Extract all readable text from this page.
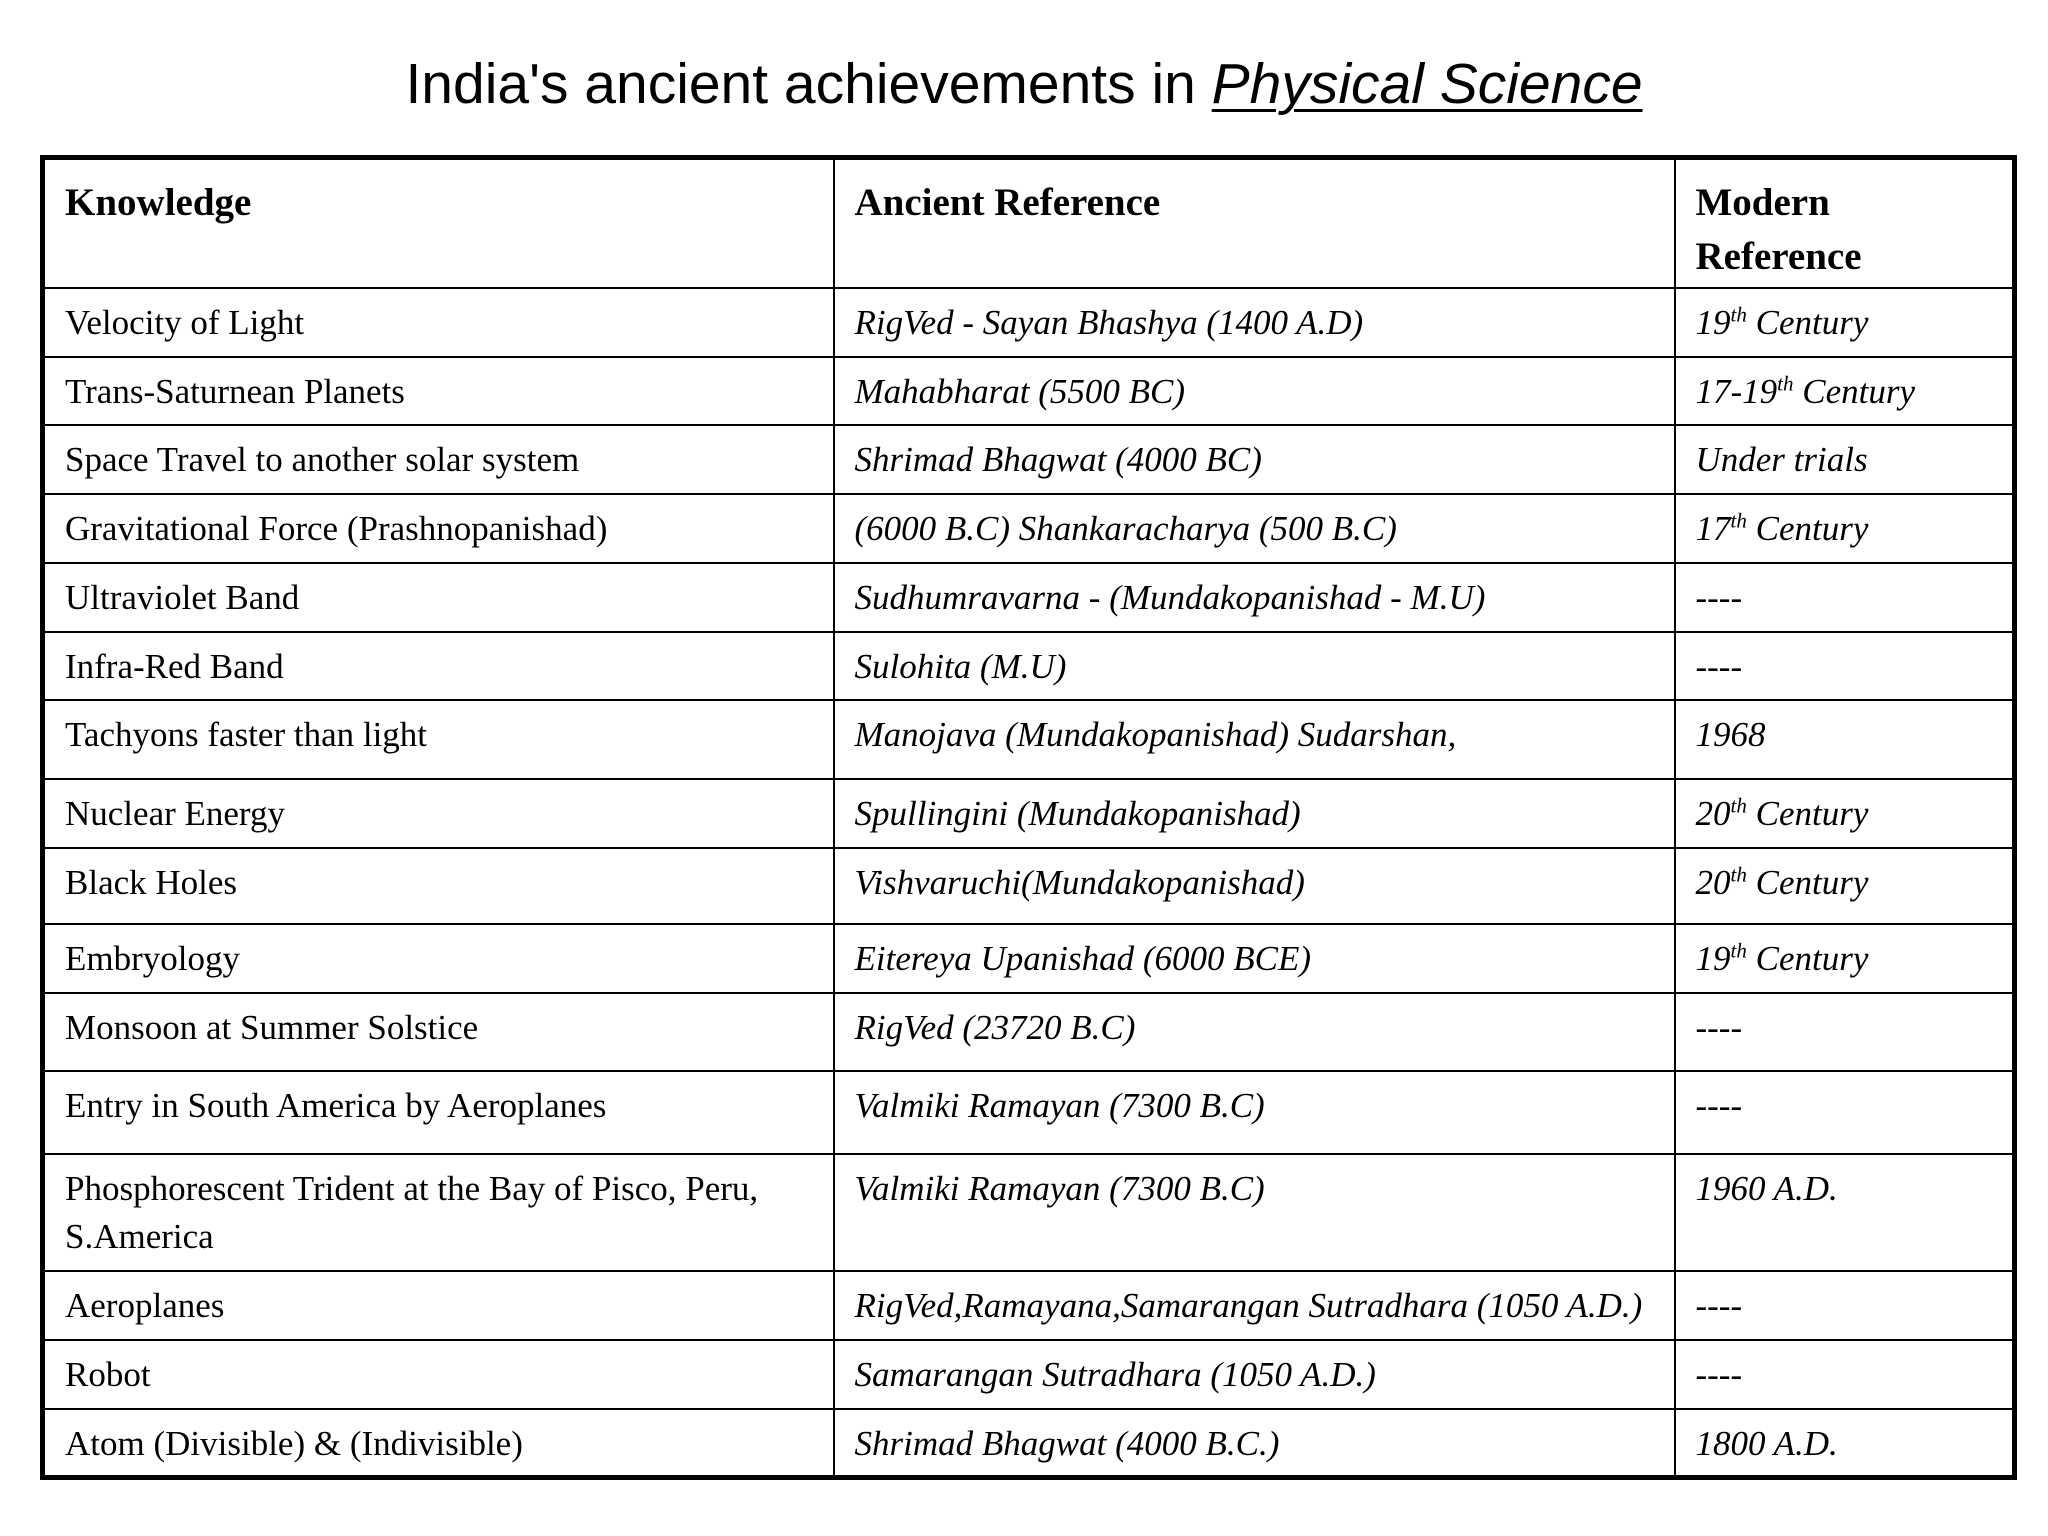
India's ancient achievements in Physical Science
Knowledge	Ancient Reference	Modern Reference
Velocity of Light	RigVed - Sayan Bhashya (1400 A.D)	19th Century
Trans-Saturnean Planets	Mahabharat (5500 BC)	17-19th Century
Space Travel to another solar system	Shrimad Bhagwat (4000 BC)	Under trials
Gravitational Force (Prashnopanishad)	(6000 B.C) Shankaracharya (500 B.C)	17th Century
Ultraviolet Band	Sudhumravarna - (Mundakopanishad - M.U)	----
Infra-Red Band	Sulohita (M.U)	----
Tachyons faster than light	Manojava (Mundakopanishad) Sudarshan,	1968
Nuclear Energy	Spullingini (Mundakopanishad)	20th Century
Black Holes	Vishvaruchi(Mundakopanishad)	20th Century
Embryology	Eitereya Upanishad (6000 BCE)	19th Century
Monsoon at Summer Solstice	RigVed (23720 B.C)	----
Entry in South America by Aeroplanes	Valmiki Ramayan (7300 B.C)	----
Phosphorescent Trident at the Bay of Pisco, Peru, S.America	Valmiki Ramayan (7300 B.C)	1960 A.D.
Aeroplanes	RigVed,Ramayana,Samarangan Sutradhara (1050 A.D.)	----
Robot	Samarangan Sutradhara (1050 A.D.)	----
Atom (Divisible) & (Indivisible)	Shrimad Bhagwat (4000 B.C.)	1800 A.D.
